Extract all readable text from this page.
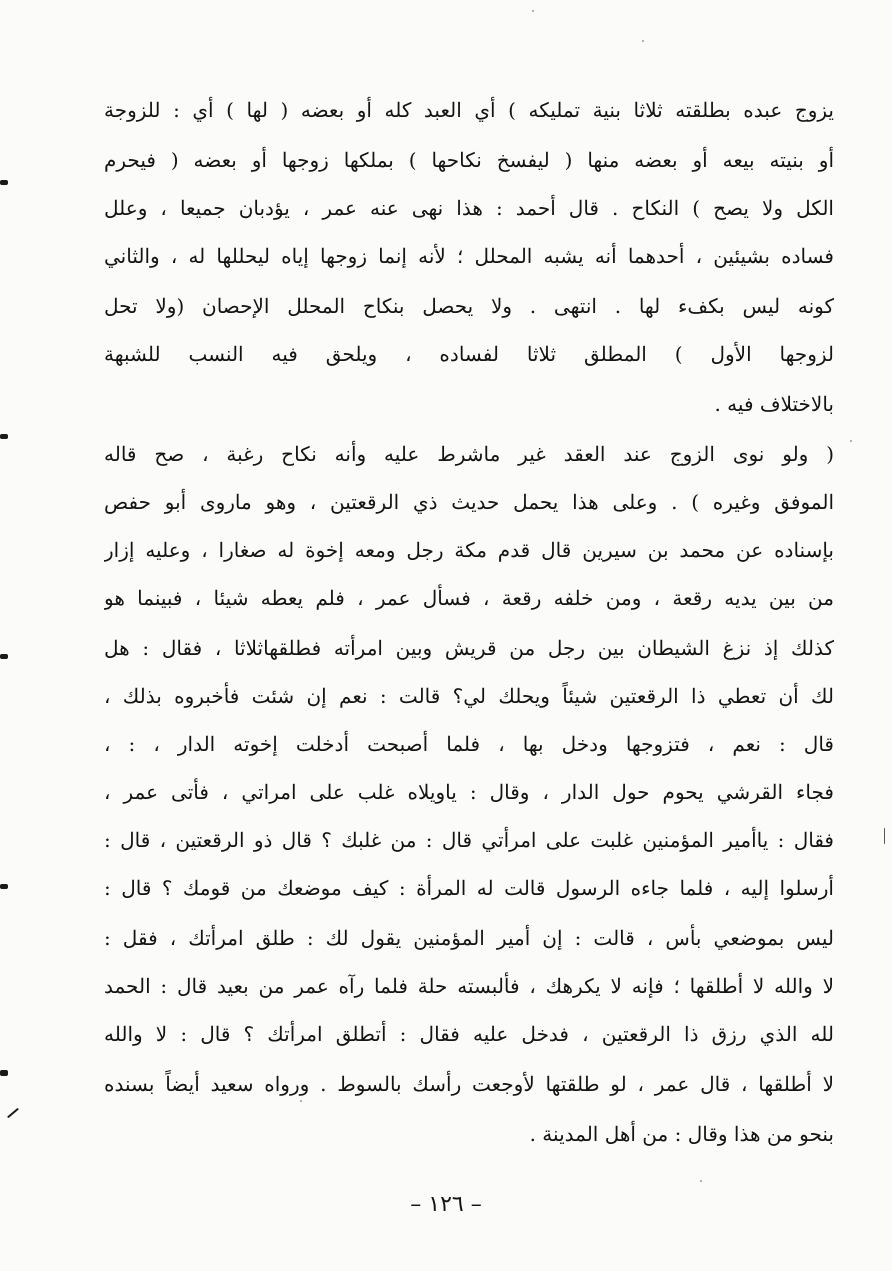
يزوج عبده بطلقته ثلاثا بنية تمليكه ) أي العبد كله أو بعضه ( لها ) أي : للزوجة
أو بنيته بيعه أو بعضه منها ( ليفسخ نكاحها ) بملكها زوجها أو بعضه ( فيحرم
الكل ولا يصح ) النكاح . قال أحمد : هذا نهى عنه عمر ، يؤدبان جميعا ، وعلل
فساده بشيئين ، أحدهما أنه يشبه المحلل ؛ لأنه إنما زوجها إياه ليحللها له ، والثاني
كونه ليس بكفء لها . انتهى . ولا يحصل بنكاح المحلل الإحصان (ولا تحل
لزوجها الأول ) المطلق ثلاثا لفساده ، ويلحق فيه النسب للشبهة
بالاختلاف فيه .
( ولو نوى الزوج عند العقد غير ماشرط عليه وأنه نكاح رغبة ، صح قاله
الموفق وغيره ) . وعلى هذا يحمل حديث ذي الرقعتين ، وهو ماروى أبو حفص
بإسناده عن محمد بن سيرين قال قدم مكة رجل ومعه إخوة له صغارا ، وعليه إزار
من بين يديه رقعة ، ومن خلفه رقعة ، فسأل عمر ، فلم يعطه شيئا ، فبينما هو
كذلك إذ نزغ الشيطان بين رجل من قريش وبين امرأته فطلقهاثلاثا ، فقال : هل
لك أن تعطي ذا الرقعتين شيئاً ويحلك لي؟ قالت : نعم إن شئت فأخبروه بذلك ،
قال : نعم ، فتزوجها ودخل بها ، فلما أصبحت أدخلت إخوته الدار ، : ،
فجاء القرشي يحوم حول الدار ، وقال : ياويلاه غلب على امراتي ، فأتى عمر ،
فقال : ياأمير المؤمنين غلبت على امرأتي قال : من غلبك ؟ قال ذو الرقعتين ، قال :
أرسلوا إليه ، فلما جاءه الرسول قالت له المرأة : كيف موضعك من قومك ؟ قال :
ليس بموضعي بأس ، قالت : إن أمير المؤمنين يقول لك : طلق امرأتك ، فقل :
لا والله لا أطلقها ؛ فإنه لا يكرهك ، فألبسته حلة فلما رآه عمر من بعيد قال : الحمد
لله الذي رزق ذا الرقعتين ، فدخل عليه فقال : أتطلق امرأتك ؟ قال : لا والله
لا أطلقها ، قال عمر ، لو طلقتها لأوجعت رأسك بالسوط . ورواه سعيد أيضاً بسنده
بنحو من هذا وقال : من أهل المدينة .
– ١٢٦ –
